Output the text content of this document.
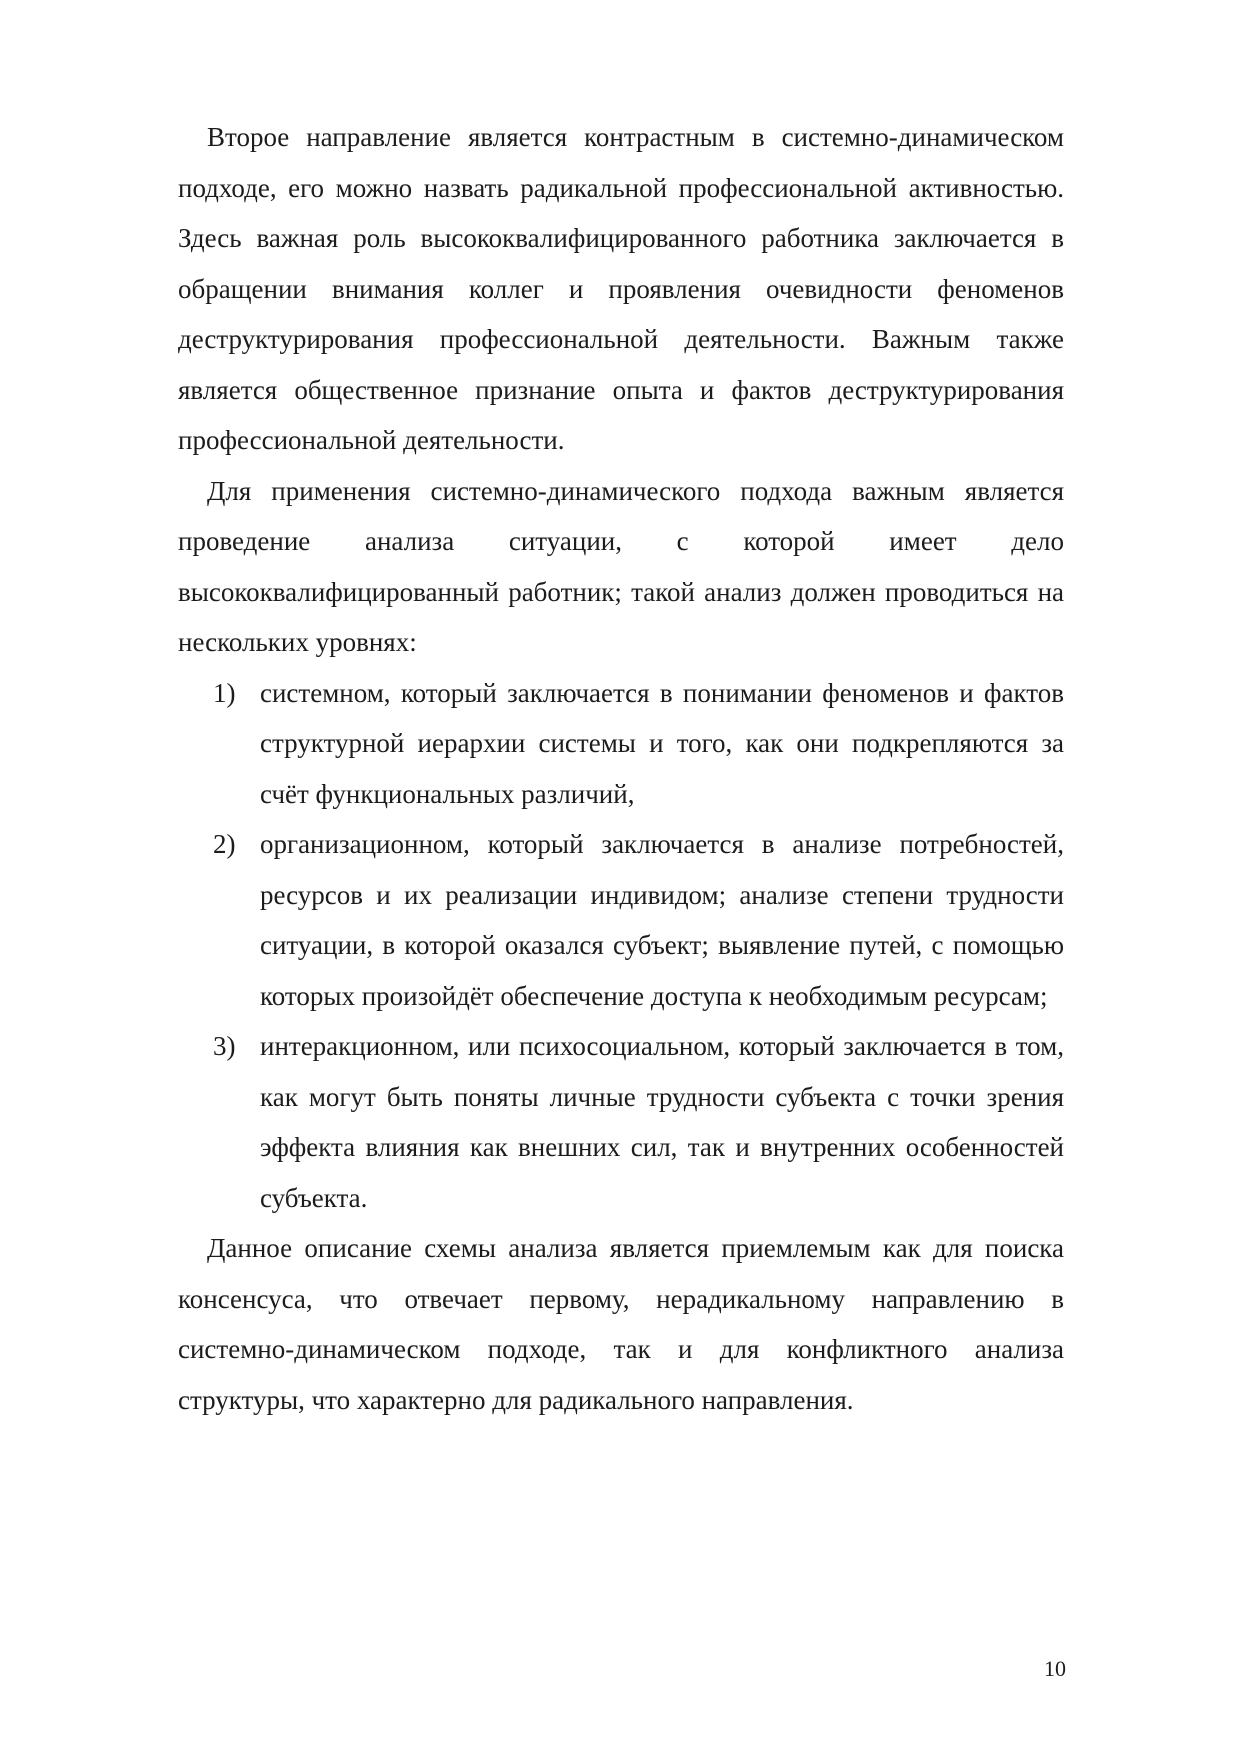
Второе направление является контрастным в системно-динамическом подходе, его можно назвать радикальной профессиональной активностью. Здесь важная роль высококвалифицированного работника заключается в обращении внимания коллег и проявления очевидности феноменов деструктурирования профессиональной деятельности. Важным также является общественное признание опыта и фактов деструктурирования профессиональной деятельности.

Для применения системно-динамического подхода важным является проведение анализа ситуации, с которой имеет дело высококвалифицированный работник; такой анализ должен проводиться на нескольких уровнях:

1) системном, который заключается в понимании феноменов и фактов структурной иерархии системы и того, как они подкрепляются за счёт функциональных различий,
2) организационном, который заключается в анализе потребностей, ресурсов и их реализации индивидом; анализе степени трудности ситуации, в которой оказался субъект; выявление путей, с помощью которых произойдёт обеспечение доступа к необходимым ресурсам;
3) интеракционном, или психосоциальном, который заключается в том, как могут быть поняты личные трудности субъекта с точки зрения эффекта влияния как внешних сил, так и внутренних особенностей субъекта.

Данное описание схемы анализа является приемлемым как для поиска консенсуса, что отвечает первому, нерадикальному направлению в системно-динамическом подходе, так и для конфликтного анализа структуры, что характерно для радикального направления.

10
